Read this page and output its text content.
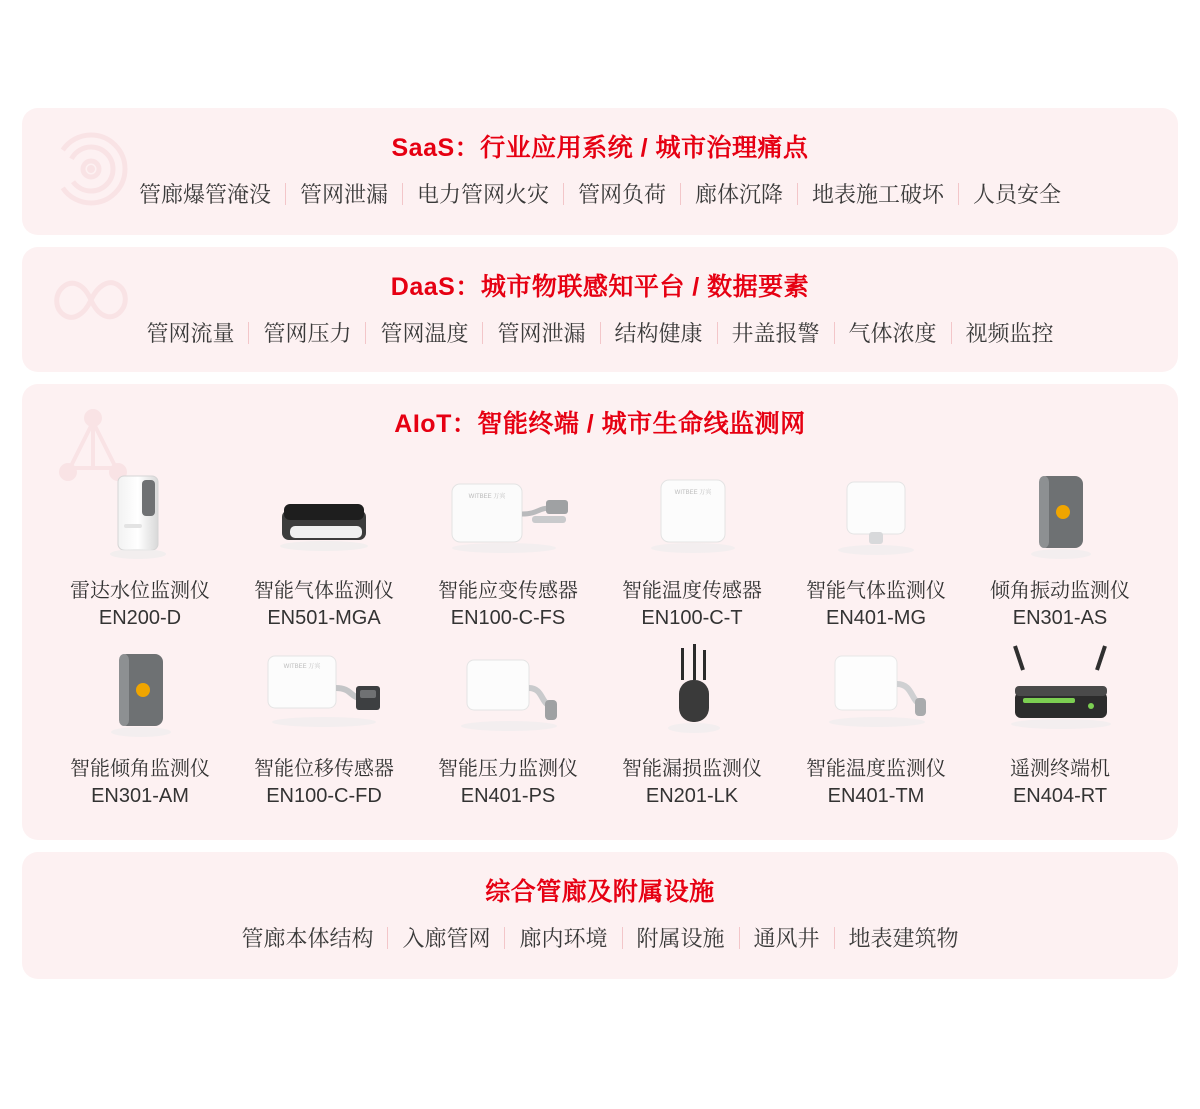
SaaS：行业应用系统 / 城市治理痛点
管廊爆管淹没	管网泄漏	电力管网火灾	管网负荷	廊体沉降	地表施工破坏	人员安全
DaaS：城市物联感知平台 / 数据要素
管网流量	管网压力	管网温度	管网泄漏	结构健康	井盖报警	气体浓度	视频监控
AIoT：智能终端 / 城市生命线监测网
雷达水位监测仪
EN200-D
智能气体监测仪
EN501-MGA
WITBEE 万宾
智能应变传感器
EN100-C-FS
WITBEE 万宾
智能温度传感器
EN100-C-T
智能气体监测仪
EN401-MG
倾角振动监测仪
EN301-AS
智能倾角监测仪
EN301-AM
WITBEE 万宾
智能位移传感器
EN100-C-FD
智能压力监测仪
EN401-PS
智能漏损监测仪
EN201-LK
智能温度监测仪
EN401-TM
遥测终端机
EN404-RT
综合管廊及附属设施
管廊本体结构	入廊管网	廊内环境	附属设施	通风井	地表建筑物
